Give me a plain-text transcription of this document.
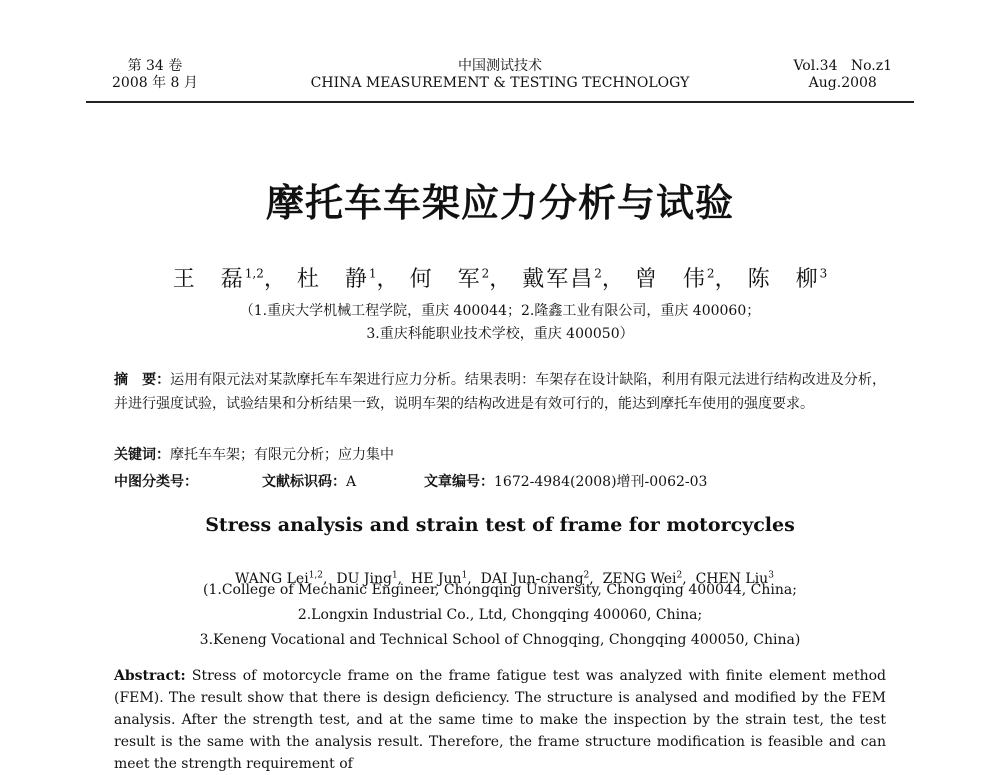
第 34 卷
2008 年 8 月
中国测试技术
CHINA MEASUREMENT & TESTING TECHNOLOGY
Vol.34   No.z1
Aug.2008
摩托车车架应力分析与试验
王　磊$^{1,2}$， 杜　静$^1$， 何　军$^2$， 戴军昌$^2$， 曾　伟$^2$， 陈　柳$^3$
（1.重庆大学机械工程学院，重庆 400044；2.隆鑫工业有限公司，重庆 400060；
3.重庆科能职业技术学校，重庆 400050）
摘　要：运用有限元法对某款摩托车车架进行应力分析。结果表明：车架存在设计缺陷，利用有限元法进行结构改进及分析，并进行强度试验，试验结果和分析结果一致，说明车架的结构改进是有效可行的，能达到摩托车使用的强度要求。
关键词：摩托车车架；有限元分析；应力集中
中图分类号：	文献标识码：A	文章编号：1672-4984(2008)增刊-0062-03
Stress analysis and strain test of frame for motorcycles

WANG Lei$^{1,2}$,  DU Jing$^1$,  HE Jun$^1$,  DAI Jun-chang$^2$,  ZENG Wei$^2$,  CHEN Liu$^3$

(1.College of Mechanic Engineer, Chongqing University, Chongqing 400044, China;
2.Longxin Industrial Co., Ltd, Chongqing 400060, China;
3.Keneng Vocational and Technical School of Chnogqing, Chongqing 400050, China)
Abstract: Stress of motorcycle frame on the frame fatigue test was analyzed with finite element method (FEM). The result show that there is design deficiency. The structure is analysed and modified by the FEM analysis. After the strength test, and at the same time to make the inspection by the strain test, the test result is the same with the analysis result. Therefore, the frame structure modification is feasible and can meet the strength requirement of
